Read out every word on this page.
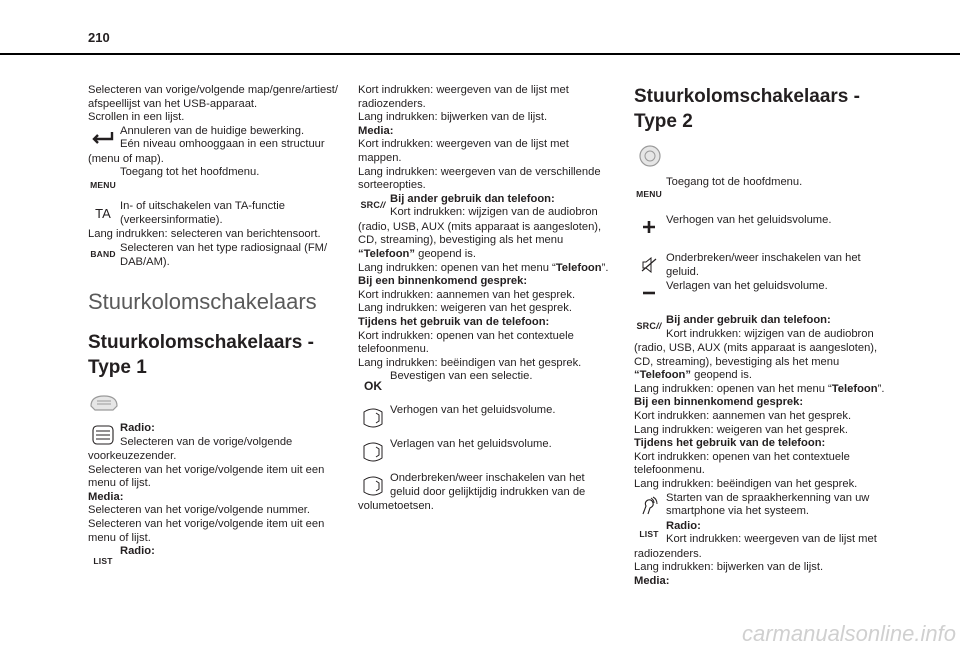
210
Selecteren van vorige/volgende map/genre/artiest/
afspeellijst van het USB-apparaat.
Scrollen in een lijst.
Annuleren van de huidige bewerking.
Eén niveau omhooggaan in een structuur
(menu of map).
MENU
Toegang tot het hoofdmenu.
TA In- of uitschakelen van TA-functie
(verkeersinformatie).
Lang indrukken: selecteren van berichtensoort.
BAND
Selecteren van het type radiosignaal (FM/
DAB/AM).
Stuurkolomschakelaars
Stuurkolomschakelaars -
Type 1
Radio:
Selecteren van de vorige/volgende
voorkeuzezender.
Selecteren van het vorige/volgende item uit een
menu of lijst.
Media:
Selecteren van het vorige/volgende nummer.
Selecteren van het vorige/volgende item uit een
menu of lijst.
LIST
Radio:
Kort indrukken: weergeven van de lijst met
radiozenders.
Lang indrukken: bijwerken van de lijst.
Media:
Kort indrukken: weergeven van de lijst met
mappen.
Lang indrukken: weergeven van de verschillende
sorteeropties.
SRC //
Bij ander gebruik dan telefoon:
Kort indrukken: wijzigen van de audiobron
(radio, USB, AUX (mits apparaat is aangesloten),
CD, streaming), bevestiging als het menu
“Telefoon” geopend is.
Lang indrukken: openen van het menu “Telefoon”.
Bij een binnenkomend gesprek:
Kort indrukken: aannemen van het gesprek.
Lang indrukken: weigeren van het gesprek.
Tijdens het gebruik van de telefoon:
Kort indrukken: openen van het contextuele
telefoonmenu.
Lang indrukken: beëindigen van het gesprek.
OK
Bevestigen van een selectie.
Verhogen van het geluidsvolume.
Verlagen van het geluidsvolume.
Onderbreken/weer inschakelen van het
geluid door gelijktijdig indrukken van de
volumetoetsen.
Stuurkolomschakelaars -
Type 2
MENU
Toegang tot de hoofdmenu.
Verhogen van het geluidsvolume.
Onderbreken/weer inschakelen van het
geluid.
Verlagen van het geluidsvolume.
SRC //
Bij ander gebruik dan telefoon:
Kort indrukken: wijzigen van de audiobron
(radio, USB, AUX (mits apparaat is aangesloten),
CD, streaming), bevestiging als het menu
“Telefoon” geopend is.
Lang indrukken: openen van het menu “Telefoon”.
Bij een binnenkomend gesprek:
Kort indrukken: aannemen van het gesprek.
Lang indrukken: weigeren van het gesprek.
Tijdens het gebruik van de telefoon:
Kort indrukken: openen van het contextuele
telefoonmenu.
Lang indrukken: beëindigen van het gesprek.
Starten van de spraakherkenning van uw
smartphone via het systeem.
LIST
Radio:
Kort indrukken: weergeven van de lijst met
radiozenders.
Lang indrukken: bijwerken van de lijst.
Media:
carmanualsonline.info
